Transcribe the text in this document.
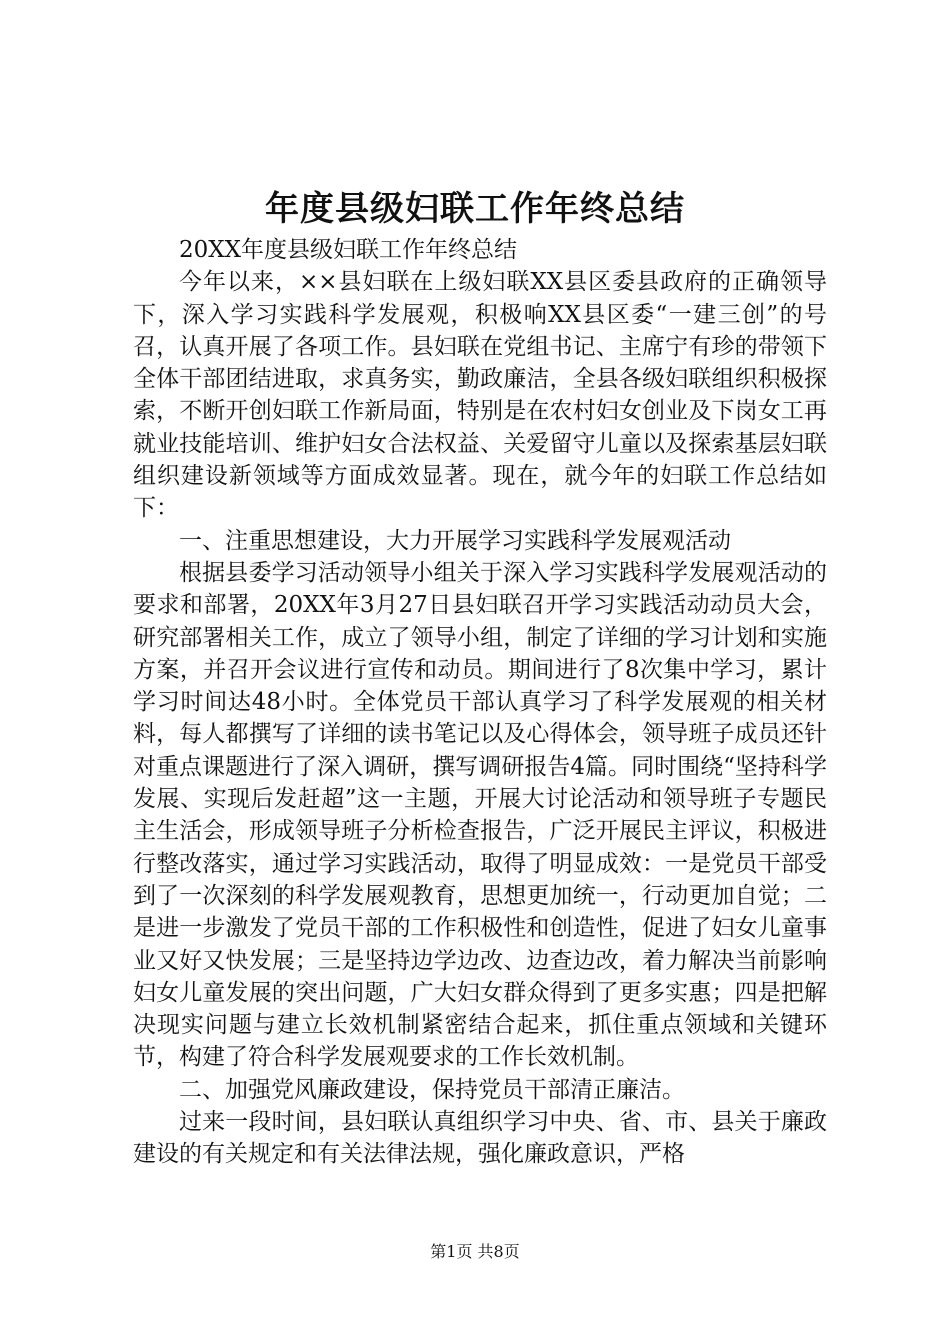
年度县级妇联工作年终总结

20XX年度县级妇联工作年终总结

今年以来，××县妇联在上级妇联XX县区委县政府的正确领导下，深入学习实践科学发展观，积极响XX县区委“一建三创”的号召，认真开展了各项工作。县妇联在党组书记、主席宁有珍的带领下全体干部团结进取，求真务实，勤政廉洁，全县各级妇联组织积极探索，不断开创妇联工作新局面，特别是在农村妇女创业及下岗女工再就业技能培训、维护妇女合法权益、关爱留守儿童以及探索基层妇联组织建设新领域等方面成效显著。现在，就今年的妇联工作总结如下：

一、注重思想建设，大力开展学习实践科学发展观活动

根据县委学习活动领导小组关于深入学习实践科学发展观活动的要求和部署，20XX年3月27日县妇联召开学习实践活动动员大会，研究部署相关工作，成立了领导小组，制定了详细的学习计划和实施方案，并召开会议进行宣传和动员。期间进行了8次集中学习，累计学习时间达48小时。全体党员干部认真学习了科学发展观的相关材料，每人都撰写了详细的读书笔记以及心得体会，领导班子成员还针对重点课题进行了深入调研，撰写调研报告4篇。同时围绕“坚持科学发展、实现后发赶超”这一主题，开展大讨论活动和领导班子专题民主生活会，形成领导班子分析检查报告，广泛开展民主评议，积极进行整改落实，通过学习实践活动，取得了明显成效：一是党员干部受到了一次深刻的科学发展观教育，思想更加统一，行动更加自觉；二是进一步激发了党员干部的工作积极性和创造性，促进了妇女儿童事业又好又快发展；三是坚持边学边改、边查边改，着力解决当前影响妇女儿童发展的突出问题，广大妇女群众得到了更多实惠；四是把解决现实问题与建立长效机制紧密结合起来，抓住重点领域和关键环节，构建了符合科学发展观要求的工作长效机制。

二、加强党风廉政建设，保持党员干部清正廉洁。

过来一段时间，县妇联认真组织学习中央、省、市、县关于廉政建设的有关规定和有关法律法规，强化廉政意识，严格

第1页 共8页
